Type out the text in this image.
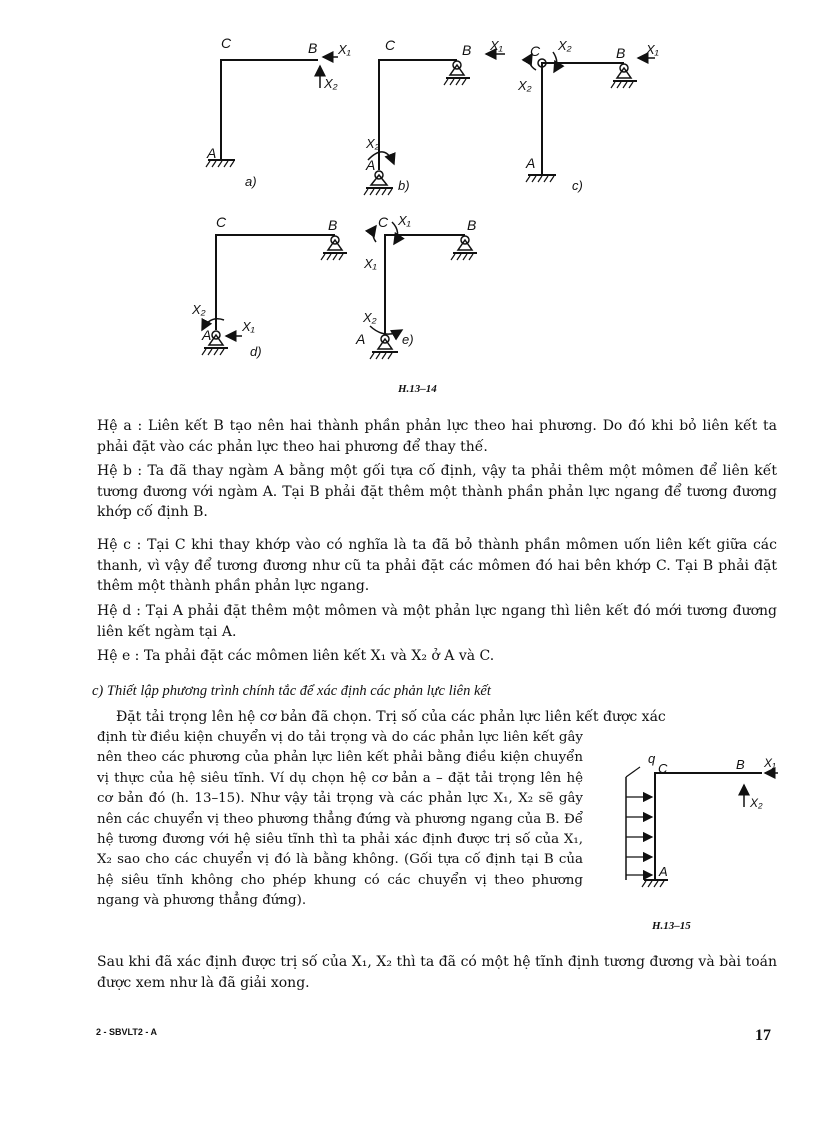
C	B X₁
X₂
A
a)
C	B X₁
X₂
A
b)
C X₂
X₂
B X₁
A
c)
C	B
X₂
X₁
A
d)
C X₁
X₁
B
X₂
A	e)
H.13–14

Hệ a : Liên kết B tạo nên hai thành phần phản lực theo hai phương. Do đó khi bỏ liên kết ta phải đặt vào các phản lực theo hai phương để thay thế.

Hệ b : Ta đã thay ngàm A bằng một gối tựa cố định, vậy ta phải thêm một mômen để liên kết tương đương với ngàm A. Tại B phải đặt thêm một thành phần phản lực ngang để tương đương khớp cố định B.

Hệ c : Tại C khi thay khớp vào có nghĩa là ta đã bỏ thành phần mômen uốn liên kết giữa các thanh, vì vậy để tương đương như cũ ta phải đặt các mômen đó hai bên khớp C. Tại B phải đặt thêm một thành phần phản lực ngang.

Hệ d : Tại A phải đặt thêm một mômen và một phản lực ngang thì liên kết đó mới tương đương liên kết ngàm tại A.

Hệ e : Ta phải đặt các mômen liên kết X₁ và X₂ ở A và C.

c) Thiết lập phương trình chính tắc để xác định các phản lực liên kết

Đặt tải trọng lên hệ cơ bản đã chọn. Trị số của các phản lực liên kết được xác

định từ điều kiện chuyển vị do tải trọng và do các phản lực liên kết gây nên theo các phương của phản lực liên kết phải bằng điều kiện chuyển vị thực của hệ siêu tĩnh. Ví dụ chọn hệ cơ bản a – đặt tải trọng lên hệ cơ bản đó (h. 13–15). Như vậy tải trọng và các phản lực X₁, X₂ sẽ gây nên các chuyển vị theo phương thẳng đứng và phương ngang của B. Để hệ tương đương với hệ siêu tĩnh thì ta phải xác định được trị số của X₁, X₂ sao cho các chuyển vị đó là bằng không. (Gối tựa cố định tại B của hệ siêu tĩnh không cho phép khung có các chuyển vị theo phương ngang và phương thẳng đứng).

q
C	B X₁
X₂
A
H.13–15

Sau khi đã xác định được trị số của X₁, X₂ thì ta đã có một hệ tĩnh định tương đương và bài toán được xem như là đã giải xong.

2 - SBVLT2 - A	17
